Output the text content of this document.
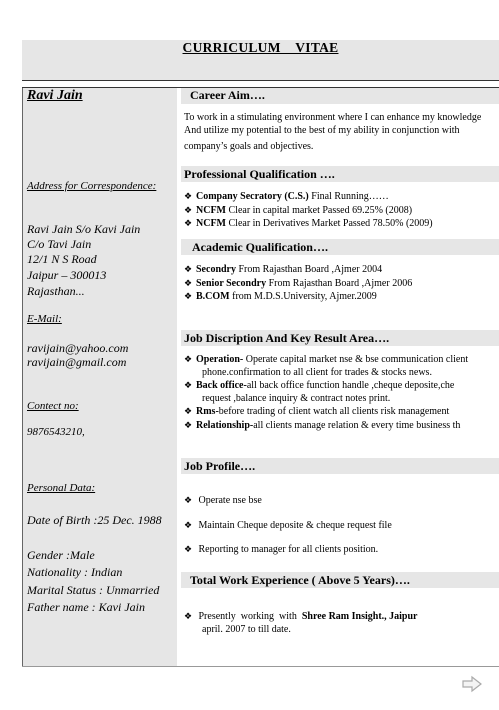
CURRICULUM    VITAE
Ravi Jain
Address for Correspondence:
Ravi Jain S/o Kavi Jain
C/o Tavi Jain
12/1 N S Road
Jaipur – 300013
Rajasthan...
E-Mail:
ravijain@yahoo.com
ravijain@gmail.com
Contect no:
9876543210,
Personal Data:
Date of Birth :25 Dec. 1988
Gender :Male
Nationality : Indian
Marital Status : Unmarried
Father name : Kavi Jain
Career Aim….
To work in a stimulating environment where I can enhance my knowledge
And utilize my potential to the best of my ability in conjunction with
company’s goals and objectives.
Professional Qualification ….
❖ Company Secratory (C.S.) Final Running……
❖ NCFM Clear in capital market Passed 69.25% (2008)
❖ NCFM Clear in Derivatives Market Passed 78.50% (2009)
Academic Qualification….
❖ Secondry From Rajasthan Board ,Ajmer 2004
❖ Senior Secondry From Rajasthan Board ,Ajmer 2006
❖ B.COM from M.D.S.University, Ajmer.2009
Job Discription And Key Result Area….
❖ Operation- Operate capital market nse & bse communication client
phone.confirmation to all client for trades & stocks news.
❖ Back office-all back office function handle ,cheque deposite,che
request ,balance inquiry & contract notes print.
❖ Rms-before trading of client watch all clients risk management
❖ Relationship-all clients manage relation & every time business th
Job Profile….
❖ Operate nse bse
❖ Maintain Cheque deposite & cheque request file
❖ Reporting to manager for all clients position.
Total Work Experience ( Above 5 Years)….
❖ Presently  working  with  Shree Ram Insight., Jaipur
april. 2007 to till date.
